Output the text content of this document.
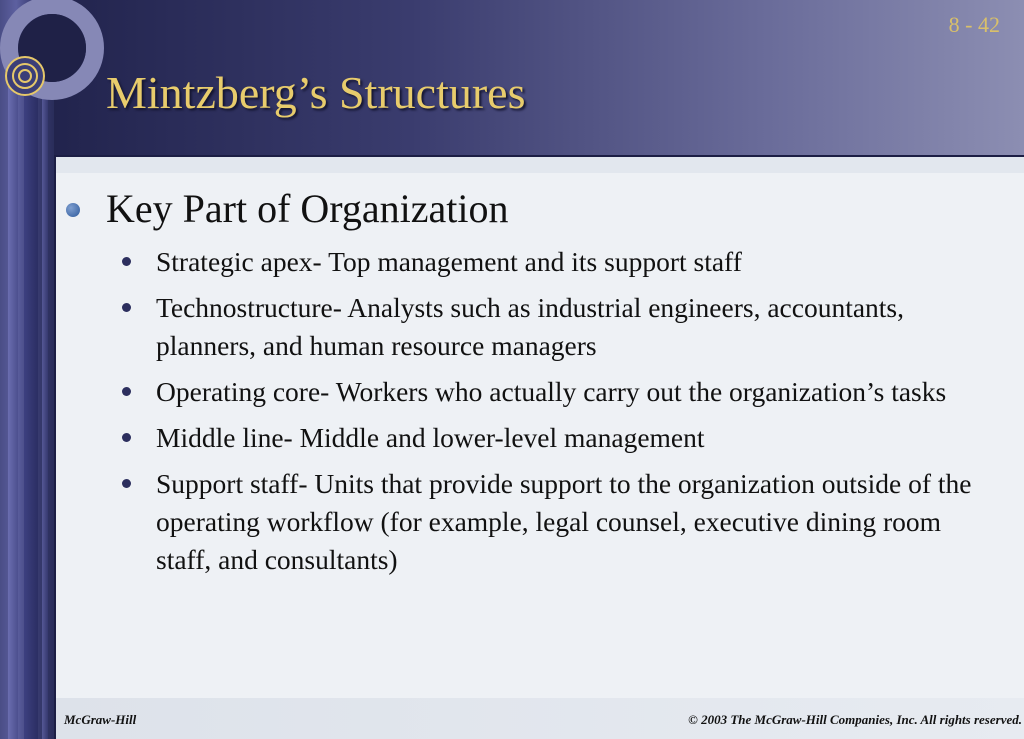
8 - 42
Mintzberg’s Structures
Key Part of Organization
Strategic apex- Top management and its support staff
Technostructure- Analysts such as industrial engineers, accountants, planners, and human resource managers
Operating core- Workers who actually carry out the organization’s tasks
Middle line- Middle and lower-level management
Support staff- Units that provide support to the organization outside of the operating workflow (for example, legal counsel, executive dining room staff, and consultants)
McGraw-Hill	© 2003 The McGraw-Hill Companies, Inc. All rights reserved.
